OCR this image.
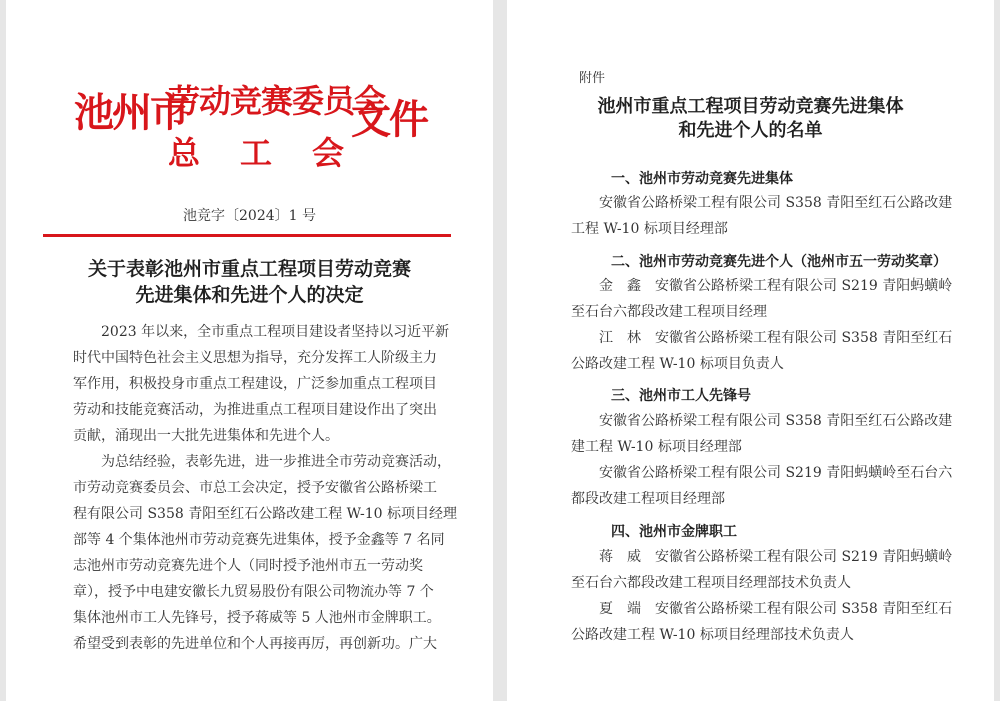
池州市
劳动竞赛委员会
总工会
文件
池竞字〔2024〕1 号
关于表彰池州市重点工程项目劳动竞赛
先进集体和先进个人的决定
2023 年以来，全市重点工程项目建设者坚持以习近平新
时代中国特色社会主义思想为指导，充分发挥工人阶级主力
军作用，积极投身市重点工程建设，广泛参加重点工程项目
劳动和技能竞赛活动，为推进重点工程项目建设作出了突出
贡献，涌现出一大批先进集体和先进个人。
为总结经验，表彰先进，进一步推进全市劳动竞赛活动，
市劳动竞赛委员会、市总工会决定，授予安徽省公路桥梁工
程有限公司 S358 青阳至红石公路改建工程 W-10 标项目经理
部等 4 个集体池州市劳动竞赛先进集体，授予金鑫等 7 名同
志池州市劳动竞赛先进个人（同时授予池州市五一劳动奖
章），授予中电建安徽长九贸易股份有限公司物流办等 7 个
集体池州市工人先锋号，授予蒋威等 5 人池州市金牌职工。
希望受到表彰的先进单位和个人再接再厉，再创新功。广大
附件
池州市重点工程项目劳动竞赛先进集体
和先进个人的名单
一、池州市劳动竞赛先进集体
安徽省公路桥梁工程有限公司 S358 青阳至红石公路改建
工程 W-10 标项目经理部
二、池州市劳动竞赛先进个人（池州市五一劳动奖章）
金　鑫　安徽省公路桥梁工程有限公司 S219 青阳蚂蟥岭
至石台六都段改建工程项目经理
江　林　安徽省公路桥梁工程有限公司 S358 青阳至红石
公路改建工程 W-10 标项目负责人
三、池州市工人先锋号
安徽省公路桥梁工程有限公司 S358 青阳至红石公路改建
建工程 W-10 标项目经理部
安徽省公路桥梁工程有限公司 S219 青阳蚂蟥岭至石台六
都段改建工程项目经理部
四、池州市金牌职工
蒋　威　安徽省公路桥梁工程有限公司 S219 青阳蚂蟥岭
至石台六都段改建工程项目经理部技术负责人
夏　端　安徽省公路桥梁工程有限公司 S358 青阳至红石
公路改建工程 W-10 标项目经理部技术负责人
